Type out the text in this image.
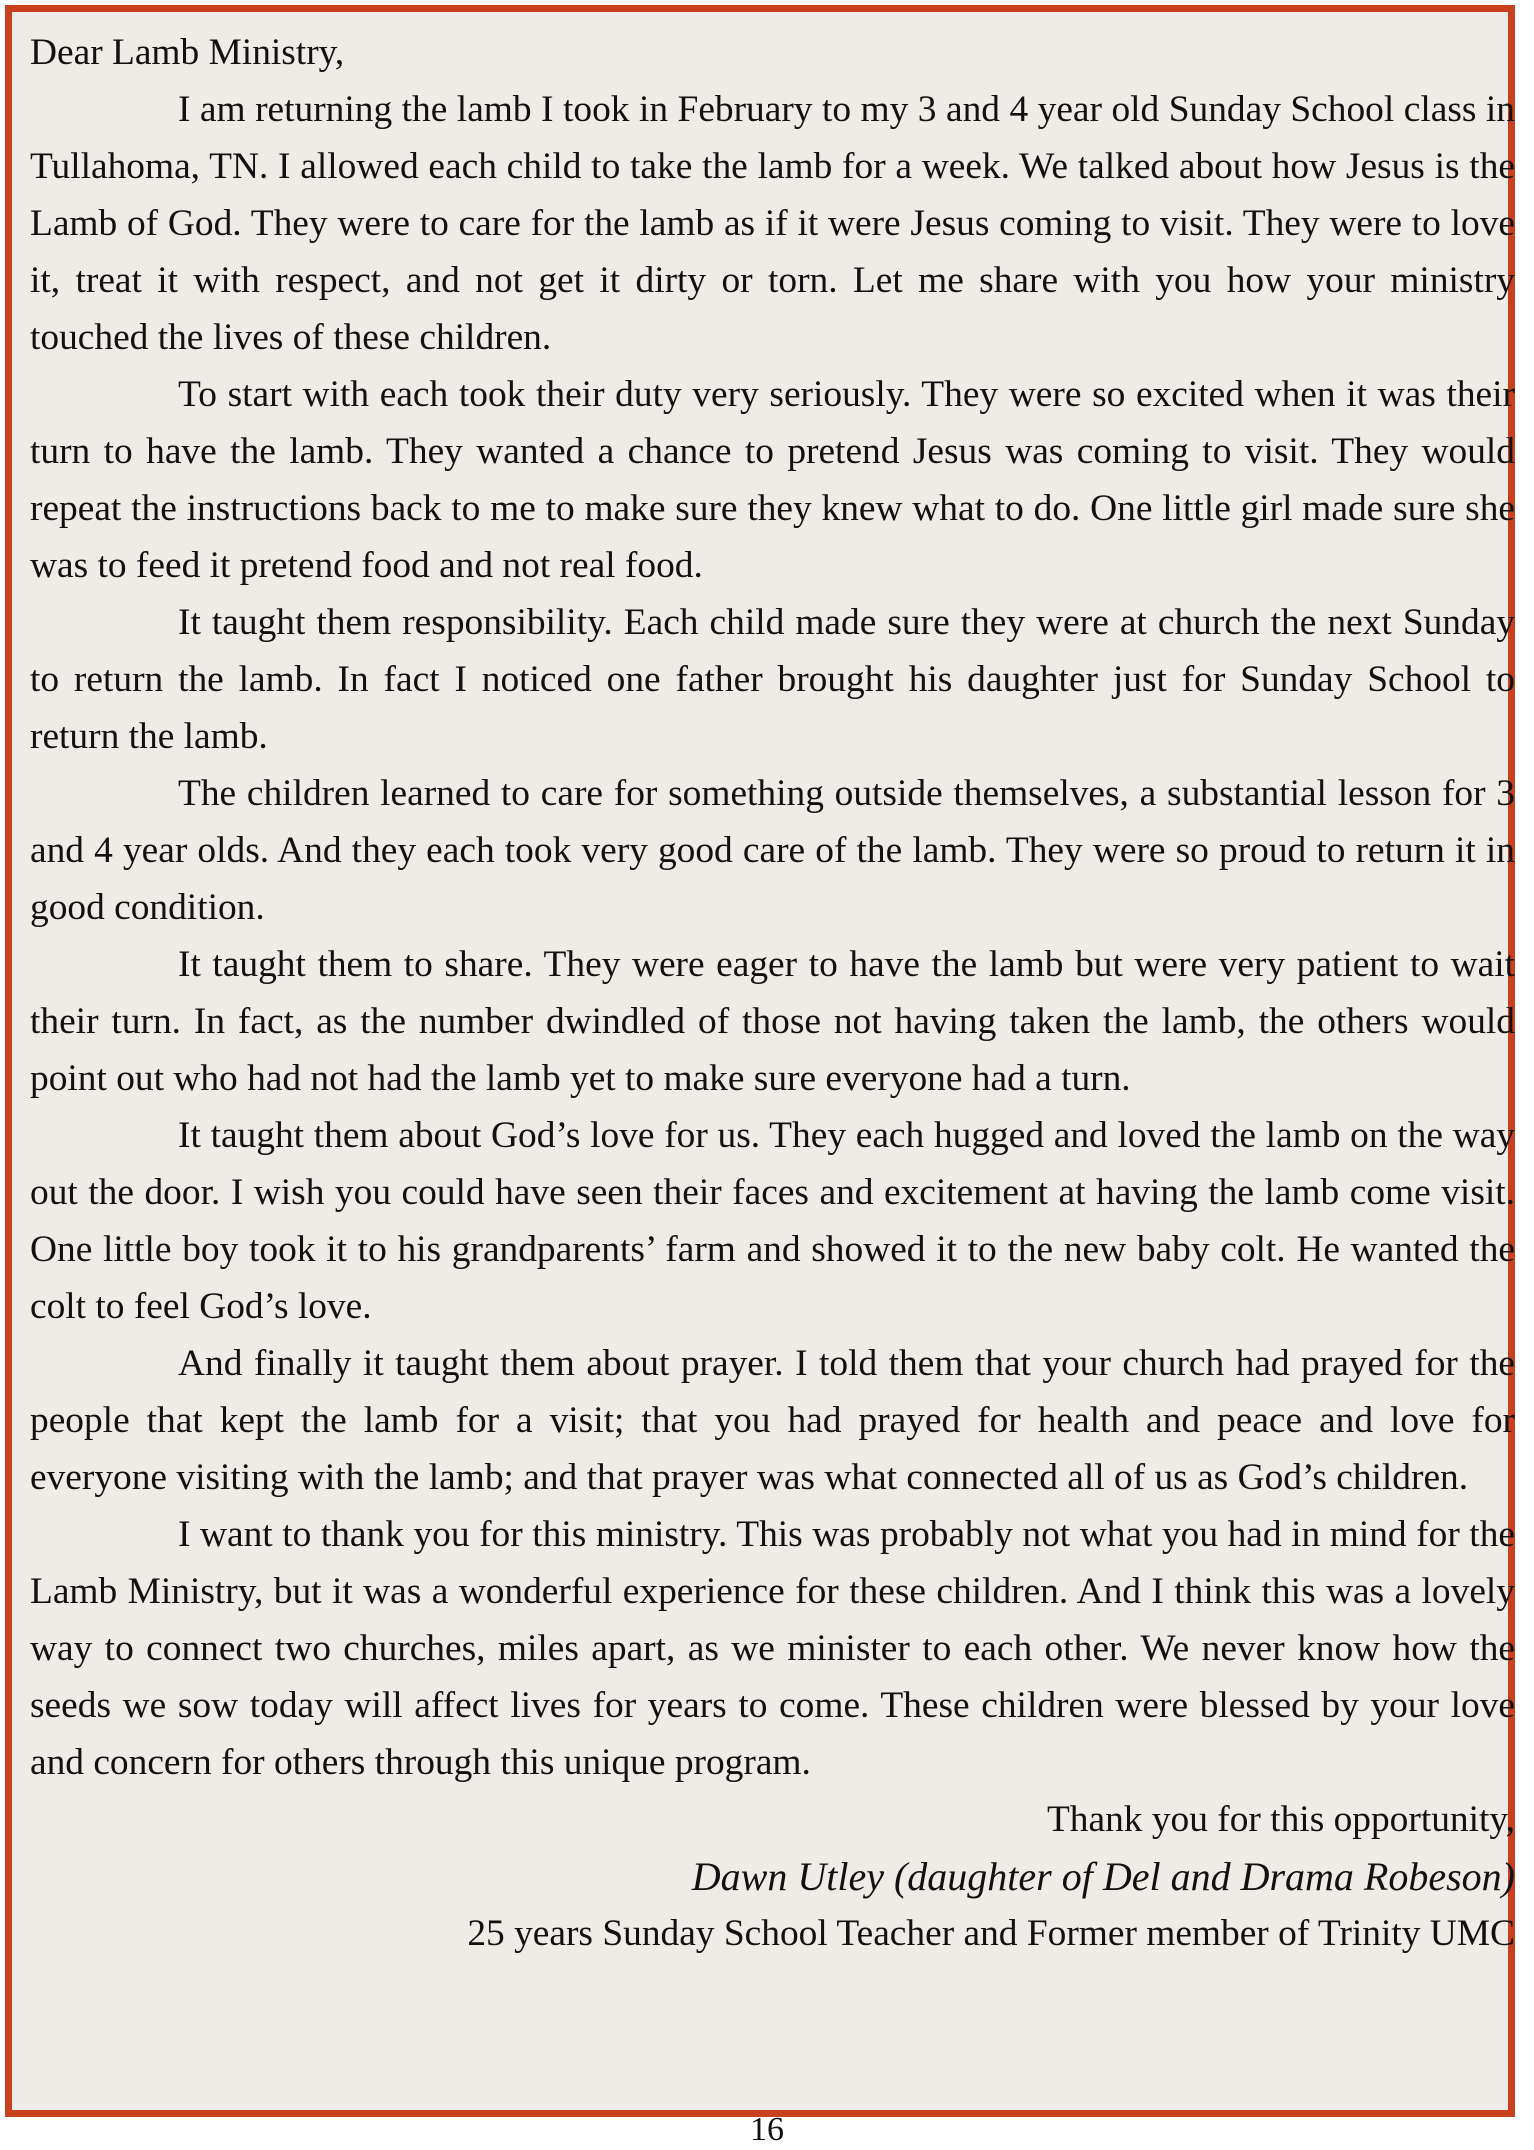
Dear Lamb Ministry,

I am returning the lamb I took in February to my 3 and 4 year old Sunday School class in Tullahoma, TN. I allowed each child to take the lamb for a week. We talked about how Jesus is the Lamb of God. They were to care for the lamb as if it were Jesus coming to visit. They were to love it, treat it with respect, and not get it dirty or torn. Let me share with you how your ministry touched the lives of these children.

To start with each took their duty very seriously. They were so excited when it was their turn to have the lamb. They wanted a chance to pretend Jesus was coming to visit. They would repeat the instructions back to me to make sure they knew what to do. One little girl made sure she was to feed it pretend food and not real food.

It taught them responsibility. Each child made sure they were at church the next Sunday to return the lamb. In fact I noticed one father brought his daughter just for Sunday School to return the lamb.

The children learned to care for something outside themselves, a substantial lesson for 3 and 4 year olds. And they each took very good care of the lamb. They were so proud to return it in good condition.

It taught them to share. They were eager to have the lamb but were very patient to wait their turn. In fact, as the number dwindled of those not having taken the lamb, the others would point out who had not had the lamb yet to make sure everyone had a turn.

It taught them about God’s love for us. They each hugged and loved the lamb on the way out the door. I wish you could have seen their faces and excitement at having the lamb come visit. One little boy took it to his grandparents’ farm and showed it to the new baby colt. He wanted the colt to feel God’s love.

And finally it taught them about prayer. I told them that your church had prayed for the people that kept the lamb for a visit; that you had prayed for health and peace and love for everyone visiting with the lamb; and that prayer was what connected all of us as God’s children.

I want to thank you for this ministry. This was probably not what you had in mind for the Lamb Ministry, but it was a wonderful experience for these children. And I think this was a lovely way to connect two churches, miles apart, as we minister to each other. We never know how the seeds we sow today will affect lives for years to come. These children were blessed by your love and concern for others through this unique program.

Thank you for this opportunity,

Dawn Utley (daughter of Del and Drama Robeson)

25 years Sunday School Teacher and Former member of Trinity UMC

16
